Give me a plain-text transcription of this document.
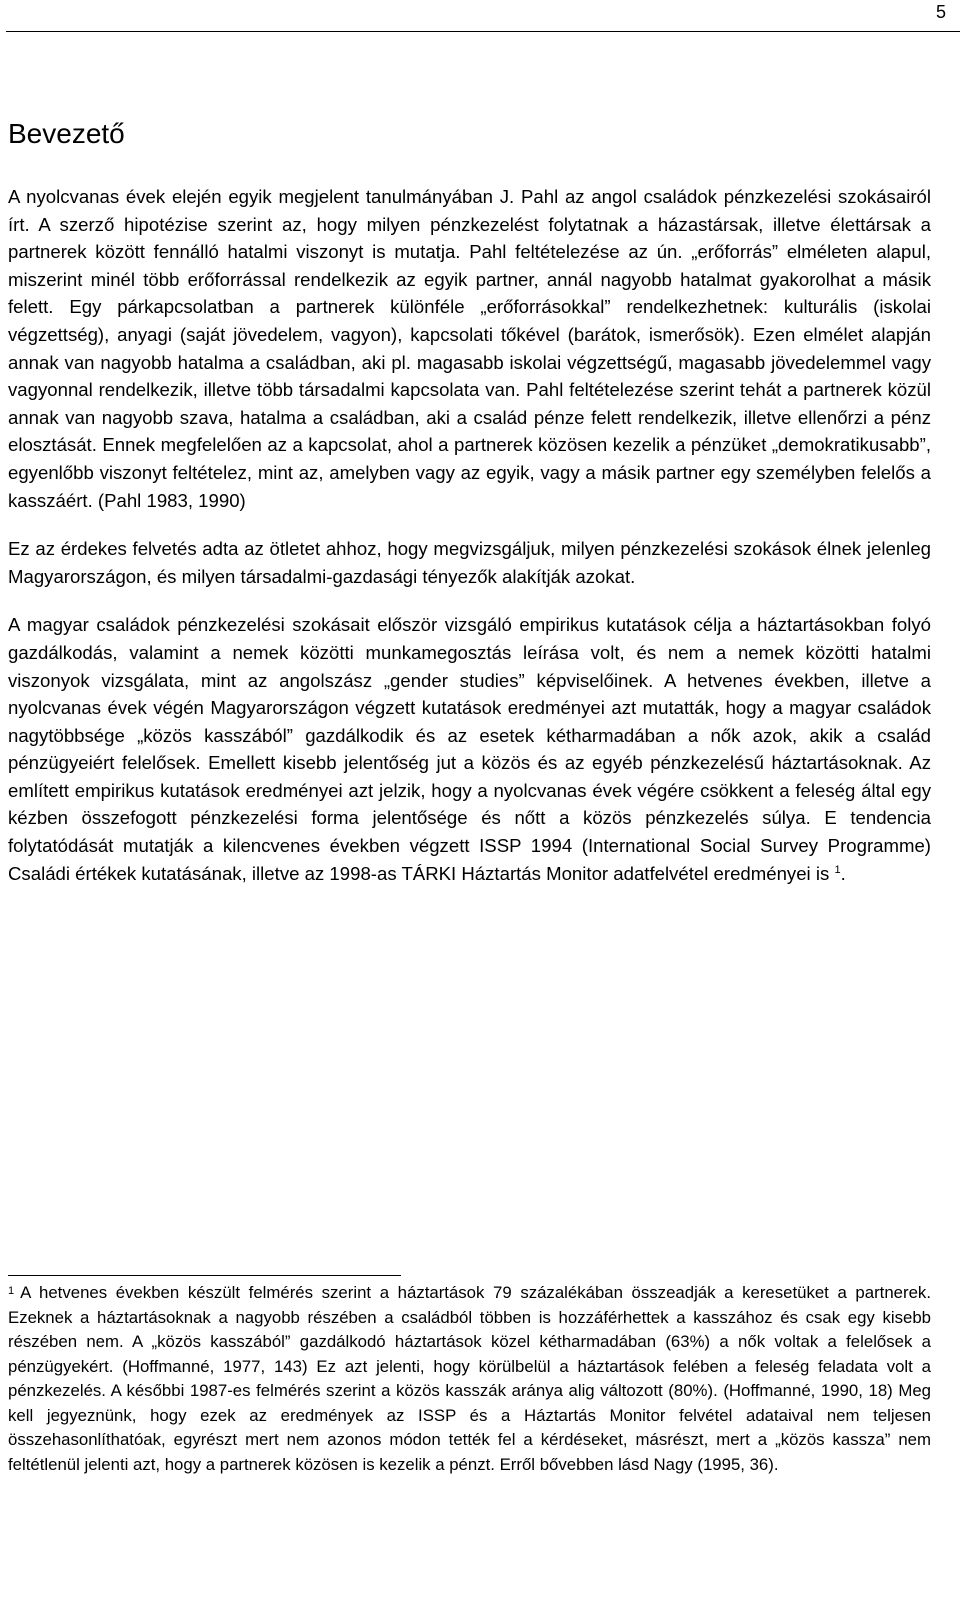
5
Bevezető

A nyolcvanas évek elején egyik megjelent tanulmányában J. Pahl az angol családok pénzkezelési szokásairól írt. A szerző hipotézise szerint az, hogy milyen pénzkezelést folytatnak a házastársak, illetve élettársak a partnerek között fennálló hatalmi viszonyt is mutatja. Pahl feltételezése az ún. „erőforrás” elméleten alapul, miszerint minél több erőforrással rendelkezik az egyik partner, annál nagyobb hatalmat gyakorolhat a másik felett. Egy párkapcsolatban a partnerek különféle „erőforrásokkal” rendelkezhetnek: kulturális (iskolai végzettség), anyagi (saját jövedelem, vagyon), kapcsolati tőkével (barátok, ismerősök). Ezen elmélet alapján annak van nagyobb hatalma a családban, aki pl. magasabb iskolai végzettségű, magasabb jövedelemmel vagy vagyonnal rendelkezik, illetve több társadalmi kapcsolata van. Pahl feltételezése szerint tehát a partnerek közül annak van nagyobb szava, hatalma a családban, aki a család pénze felett rendelkezik, illetve ellenőrzi a pénz elosztását. Ennek megfelelően az a kapcsolat, ahol a partnerek közösen kezelik a pénzüket „demokratikusabb”, egyenlőbb viszonyt feltételez, mint az, amelyben vagy az egyik, vagy a másik partner egy személyben felelős a kasszáért. (Pahl 1983, 1990)

Ez az érdekes felvetés adta az ötletet ahhoz, hogy megvizsgáljuk, milyen pénzkezelési szokások élnek jelenleg Magyarországon, és milyen társadalmi-gazdasági tényezők alakítják azokat.

A magyar családok pénzkezelési szokásait először vizsgáló empirikus kutatások célja a háztartásokban folyó gazdálkodás, valamint a nemek közötti munkamegosztás leírása volt, és nem a nemek közötti hatalmi viszonyok vizsgálata, mint az angolszász „gender studies” képviselőinek. A hetvenes években, illetve a nyolcvanas évek végén Magyarországon végzett kutatások eredményei azt mutatták, hogy a magyar családok nagytöbbsége „közös kasszából” gazdálkodik és az esetek kétharmadában a nők azok, akik a család pénzügyeiért felelősek. Emellett kisebb jelentőség jut a közös és az egyéb pénzkezelésű háztartásoknak. Az említett empirikus kutatások eredményei azt jelzik, hogy a nyolcvanas évek végére csökkent a feleség által egy kézben összefogott pénzkezelési forma jelentősége és nőtt a közös pénzkezelés súlya. E tendencia folytatódását mutatják a kilencvenes években végzett ISSP 1994 (International Social Survey Programme) Családi értékek kutatásának, illetve az 1998-as TÁRKI Háztartás Monitor adatfelvétel eredményei is $^1$.

$^1$ A hetvenes években készült felmérés szerint a háztartások 79 százalékában összeadják a keresetüket a partnerek. Ezeknek a háztartásoknak a nagyobb részében a családból többen is hozzáférhettek a kasszához és csak egy kisebb részében nem. A „közös kasszából” gazdálkodó háztartások közel kétharmadában (63%) a nők voltak a felelősek a pénzügyekért. (Hoffmanné, 1977, 143) Ez azt jelenti, hogy körülbelül a háztartások felében a feleség feladata volt a pénzkezelés. A későbbi 1987-es felmérés szerint a közös kasszák aránya alig változott (80%). (Hoffmanné, 1990, 18) Meg kell jegyeznünk, hogy ezek az eredmények az ISSP és a Háztartás Monitor felvétel adataival nem teljesen összehasonlíthatóak, egyrészt mert nem azonos módon tették fel a kérdéseket, másrészt, mert a „közös kassza” nem feltétlenül jelenti azt, hogy a partnerek közösen is kezelik a pénzt. Erről bővebben lásd Nagy (1995, 36).
